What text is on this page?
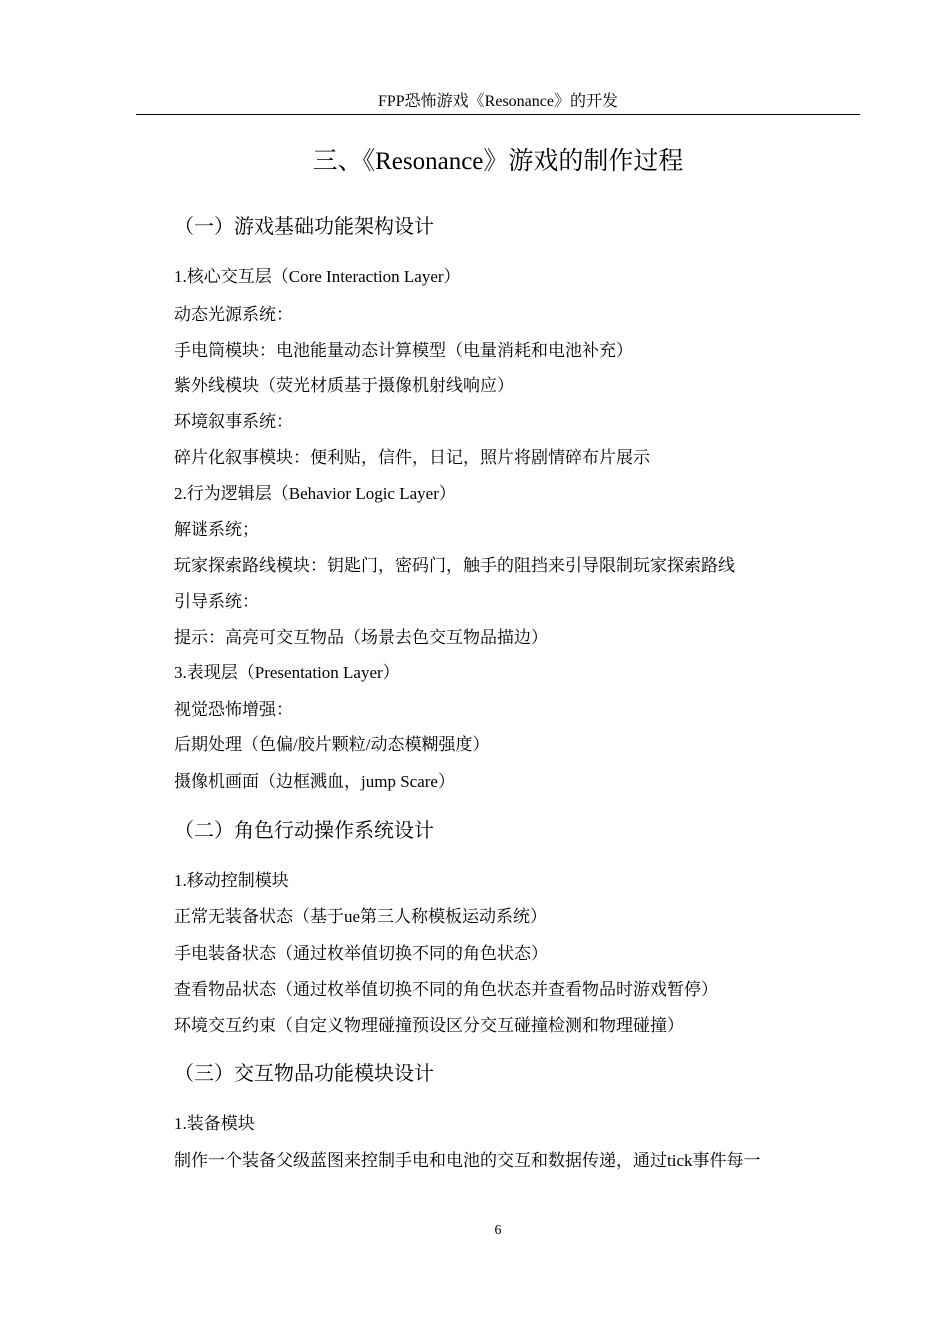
FPP恐怖游戏《Resonance》的开发
三、《Resonance》游戏的制作过程
（一）游戏基础功能架构设计
1.核心交互层（Core Interaction Layer）
动态光源系统：
手电筒模块：电池能量动态计算模型（电量消耗和电池补充）
紫外线模块（荧光材质基于摄像机射线响应）
环境叙事系统：
碎片化叙事模块：便利贴，信件，日记，照片将剧情碎布片展示
2.行为逻辑层（Behavior Logic Layer）
解谜系统；
玩家探索路线模块：钥匙门，密码门，触手的阻挡来引导限制玩家探索路线
引导系统：
提示：高亮可交互物品（场景去色交互物品描边）
3.表现层（Presentation Layer）
视觉恐怖增强：
后期处理（色偏/胶片颗粒/动态模糊强度）
摄像机画面（边框溅血，jump Scare）
（二）角色行动操作系统设计
1.移动控制模块
正常无装备状态（基于ue第三人称模板运动系统）
手电装备状态（通过枚举值切换不同的角色状态）
查看物品状态（通过枚举值切换不同的角色状态并查看物品时游戏暂停）
环境交互约束（自定义物理碰撞预设区分交互碰撞检测和物理碰撞）
（三）交互物品功能模块设计
1.装备模块
制作一个装备父级蓝图来控制手电和电池的交互和数据传递，通过tick事件每一
6
